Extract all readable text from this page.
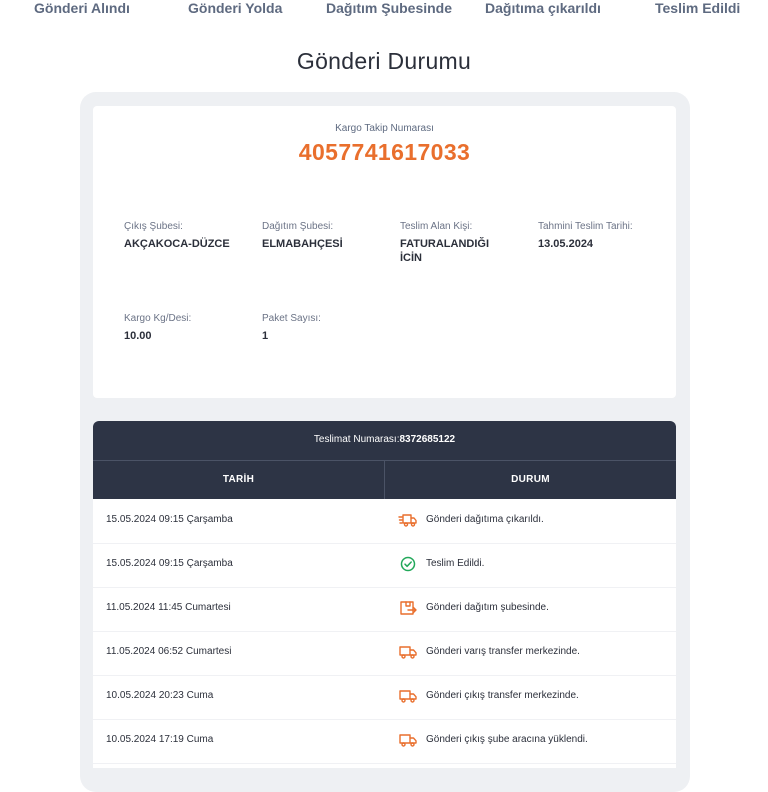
Gönderi Alındı	Gönderi Yolda	Dağıtım Şubesinde Dağıtıma çıkarıldı	Teslim Edildi
Gönderi Durumu
Kargo Takip Numarası
4057741617033
Çıkış Şubesi:
AKÇAKOCA-DÜZCE
Dağıtım Şubesi:
ELMABAHÇESİ
Teslim Alan Kişi:
FATURALANDIĞI İCİN
Tahmini Teslim Tarihi:
13.05.2024
Kargo Kg/Desi:
10.00
Paket Sayısı:
1
Teslimat Numarası:8372685122
TARİH	DURUM
15.05.2024 09:15 Çarşamba	Gönderi dağıtıma çıkarıldı.
15.05.2024 09:15 Çarşamba	Teslim Edildi.
11.05.2024 11:45 Cumartesi	Gönderi dağıtım şubesinde.
11.05.2024 06:52 Cumartesi	Gönderi varış transfer merkezinde.
10.05.2024 20:23 Cuma	Gönderi çıkış transfer merkezinde.
10.05.2024 17:19 Cuma	Gönderi çıkış şube aracına yüklendi.
